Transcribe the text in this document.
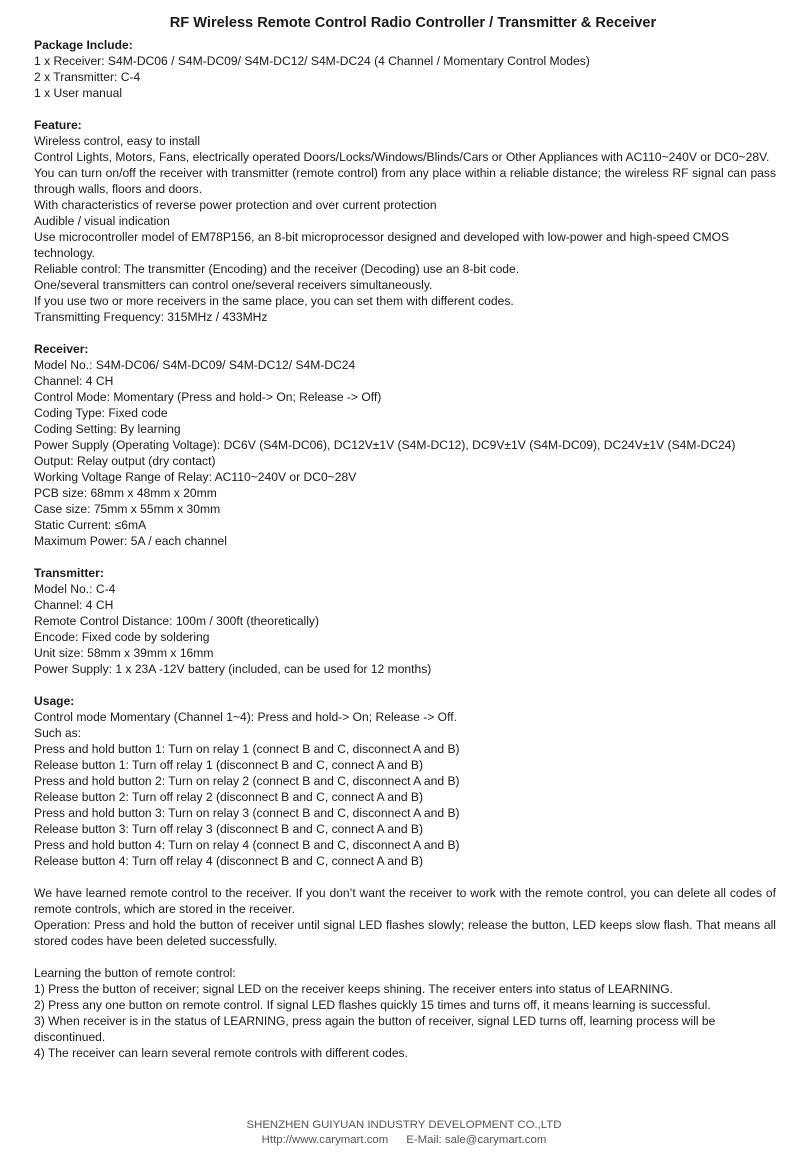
RF Wireless Remote Control Radio Controller / Transmitter & Receiver

Package Include:

1 x Receiver: S4M-DC06 / S4M-DC09/ S4M-DC12/ S4M-DC24 (4 Channel / Momentary Control Modes)

2 x Transmitter: C-4

1 x User manual

Feature:

Wireless control, easy to install

Control Lights, Motors, Fans, electrically operated Doors/Locks/Windows/Blinds/Cars or Other Appliances with AC110~240V or DC0~28V.

You can turn on/off the receiver with transmitter (remote control) from any place within a reliable distance; the wireless RF signal can pass through walls, floors and doors.

With characteristics of reverse power protection and over current protection

Audible / visual indication

Use microcontroller model of EM78P156, an 8-bit microprocessor designed and developed with low-power and high-speed CMOS technology.

Reliable control: The transmitter (Encoding) and the receiver (Decoding) use an 8-bit code.

One/several transmitters can control one/several receivers simultaneously.

If you use two or more receivers in the same place, you can set them with different codes.

Transmitting Frequency: 315MHz / 433MHz

Receiver:

Model No.: S4M-DC06/ S4M-DC09/ S4M-DC12/ S4M-DC24

Channel: 4 CH

Control Mode: Momentary (Press and hold-> On; Release -> Off)

Coding Type: Fixed code

Coding Setting: By learning

Power Supply (Operating Voltage): DC6V (S4M-DC06), DC12V±1V (S4M-DC12), DC9V±1V (S4M-DC09), DC24V±1V (S4M-DC24)

Output: Relay output (dry contact)

Working Voltage Range of Relay: AC110~240V or DC0~28V

PCB size: 68mm x 48mm x 20mm

Case size: 75mm x 55mm x 30mm

Static Current: ≤6mA

Maximum Power: 5A / each channel

Transmitter:

Model No.: C-4

Channel: 4 CH

Remote Control Distance: 100m / 300ft (theoretically)

Encode: Fixed code by soldering

Unit size: 58mm x 39mm x 16mm

Power Supply: 1 x 23A -12V battery (included, can be used for 12 months)

Usage:

Control mode Momentary (Channel 1~4): Press and hold-> On; Release -> Off.

Such as:

Press and hold button 1: Turn on relay 1 (connect B and C, disconnect A and B)

Release button 1: Turn off relay 1 (disconnect B and C, connect A and B)

Press and hold button 2: Turn on relay 2 (connect B and C, disconnect A and B)

Release button 2: Turn off relay 2 (disconnect B and C, connect A and B)

Press and hold button 3: Turn on relay 3 (connect B and C, disconnect A and B)

Release button 3: Turn off relay 3 (disconnect B and C, connect A and B)

Press and hold button 4: Turn on relay 4 (connect B and C, disconnect A and B)

Release button 4: Turn off relay 4 (disconnect B and C, connect A and B)

We have learned remote control to the receiver. If you don’t want the receiver to work with the remote control, you can delete all codes of remote controls, which are stored in the receiver.

Operation: Press and hold the button of receiver until signal LED flashes slowly; release the button, LED keeps slow flash. That means all stored codes have been deleted successfully.

Learning the button of remote control:

1) Press the button of receiver; signal LED on the receiver keeps shining. The receiver enters into status of LEARNING.

2) Press any one button on remote control. If signal LED flashes quickly 15 times and turns off, it means learning is successful.

3) When receiver is in the status of LEARNING, press again the button of receiver, signal LED turns off, learning process will be discontinued.

4) The receiver can learn several remote controls with different codes.

SHENZHEN GUIYUAN INDUSTRY DEVELOPMENT CO.,LTD
Http://www.carymart.com E-Mail: sale@carymart.com
